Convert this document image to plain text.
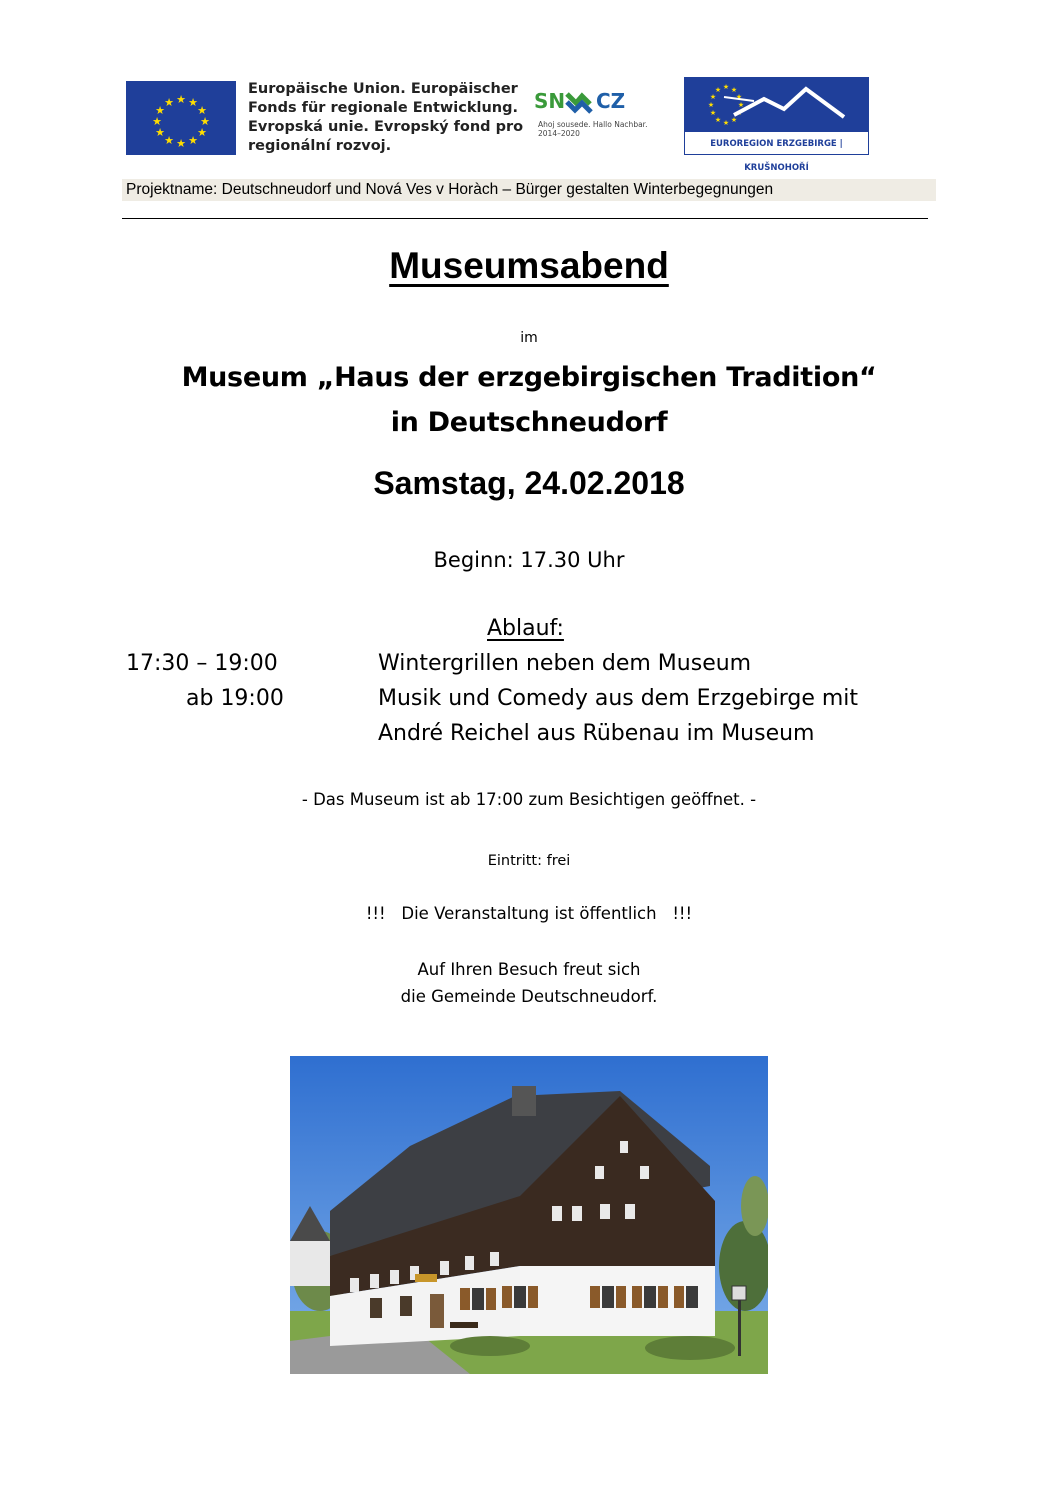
★ ★
★
★
★
★
★
★
★
★
★
★
Europäische Union. Europäischer
Fonds für regionale Entwicklung.
Evropská unie. Evropský fond pro
regionální rozvoj.
SN CZ
Ahoj sousede. Hallo Nachbar.
2014–2020
★ ★
★
★
★
★
★
★
★
★
★
★
EUROREGION ERZGEBIRGE | KRUŠNOHOŘÍ
Projektname: Deutschneudorf und Nová Ves v Horàch – Bürger gestalten Winterbegegnungen
Museumsabend
im
Museum „Haus der erzgebirgischen Tradition“
in Deutschneudorf
Samstag, 24.02.2018
Beginn: 17.30 Uhr
Ablauf:
17:30 – 19:00	Wintergrillen neben dem Museum
ab 19:00	Musik und Comedy aus dem Erzgebirge mit
André Reichel aus Rübenau im Museum
- Das Museum ist ab 17:00 zum Besichtigen geöffnet. -
Eintritt: frei
!!!   Die Veranstaltung ist öffentlich   !!!
Auf Ihren Besuch freut sich
die Gemeinde Deutschneudorf.
